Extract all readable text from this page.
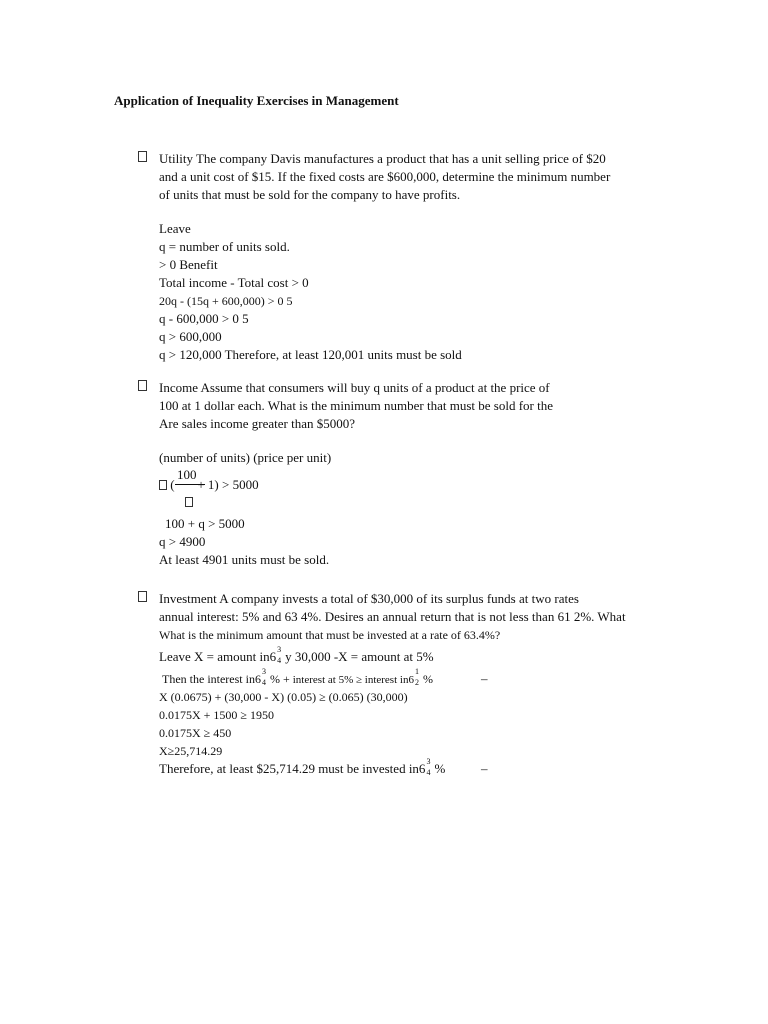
Application of Inequality Exercises in Management
Utility The company Davis manufactures a product that has a unit selling price of $20
and a unit cost of $15. If the fixed costs are $600,000, determine the minimum number
of units that must be sold for the company to have profits.
Leave
q = number of units sold.
> 0 Benefit
Total income - Total cost > 0
20q - (15q + 600,000) > 0 5
q - 600,000 > 0 5
q > 600,000
q > 120,000 Therefore, at least 120,001 units must be sold
Income Assume that consumers will buy q units of a product at the price of
100 at 1 dollar each. What is the minimum number that must be sold for the
Are sales income greater than $5000?
(number of units) (price per unit)
100
( + 1) > 5000
100 + q > 5000
q > 4900
At least 4901 units must be sold.
Investment A company invests a total of $30,000 of its surplus funds at two rates
annual interest: 5% and 63 4%. Desires an annual return that is not less than 61 2%. What
What is the minimum amount that must be invested at a rate of 63.4%?
Leave X = amount in6 3
4 y 30,000 -X = amount at 5%
Then the interest in6
3
4 % + interest at 5% ≥ interest in6
1
2 %	–
X (0.0675) + (30,000 - X) (0.05) ≥ (0.065) (30,000)
0.0175X + 1500 ≥ 1950
0.0175X ≥ 450
X≥25,714.29
Therefore, at least $25,714.29 must be invested in6 3
4 %	–
